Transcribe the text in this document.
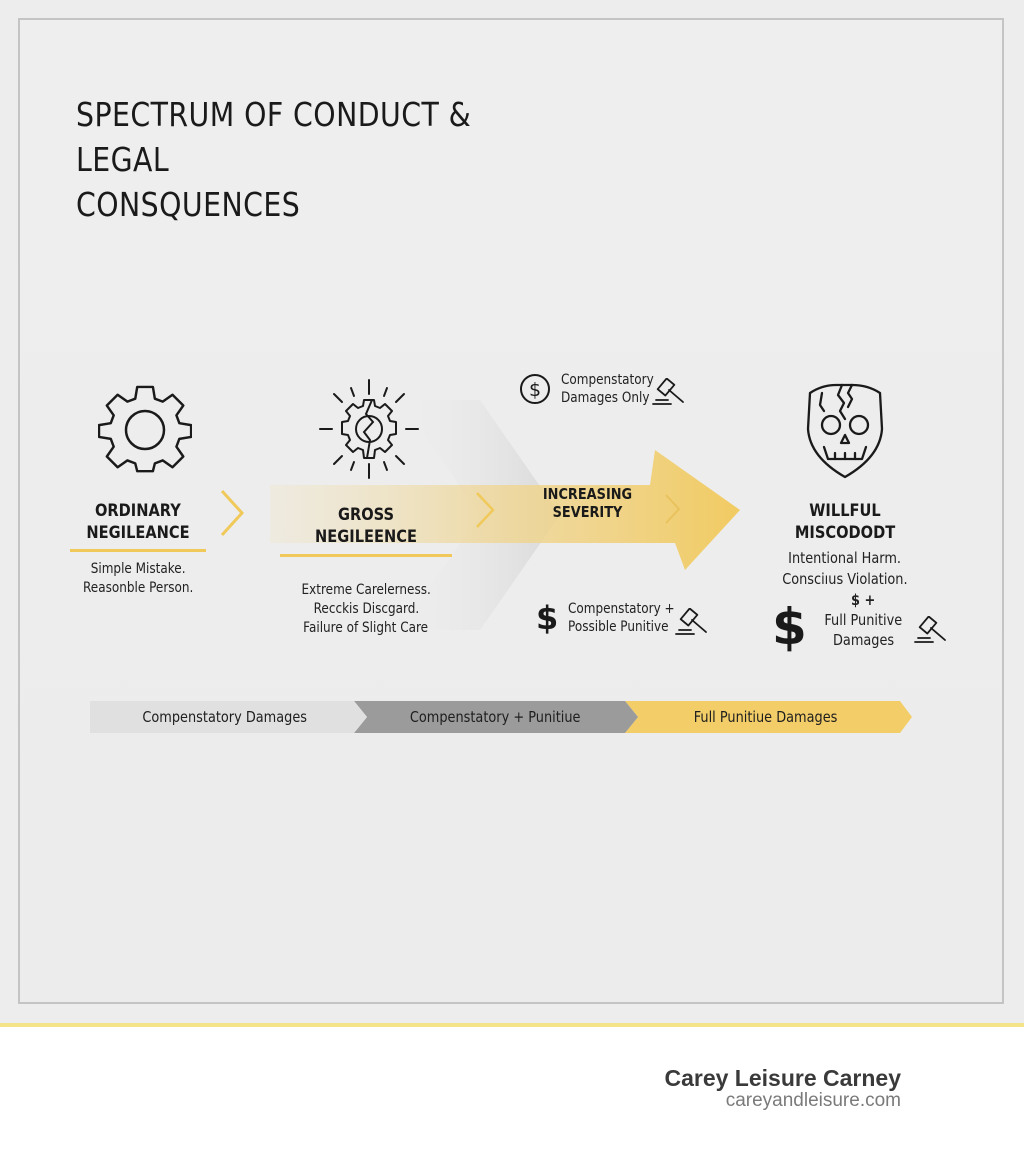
SPECTRUM OF CONDUCT & LEGAL
CONSQUENCES
ORDINARY
NEGILEANCE
Simple Mistake.
Reasonble Person.
GROSS NEGILEENCE
Extreme Carelerness.
Recckis Discgard.
Failure of Slight Care
INCREASING SEVERITY	WILLFUL MISCODODT
Intentional Harm.
Consciıus Violation.
$ Compenstatory
Damages Only
$ Compenstatory +
Possible Punitive	$	$ +
Full Punitive
Damages
Compenstatory Damages	Compenstatory + Punitiue	Full Punitiue Damages
Carey Leisure Carney
careyandleisure.com
